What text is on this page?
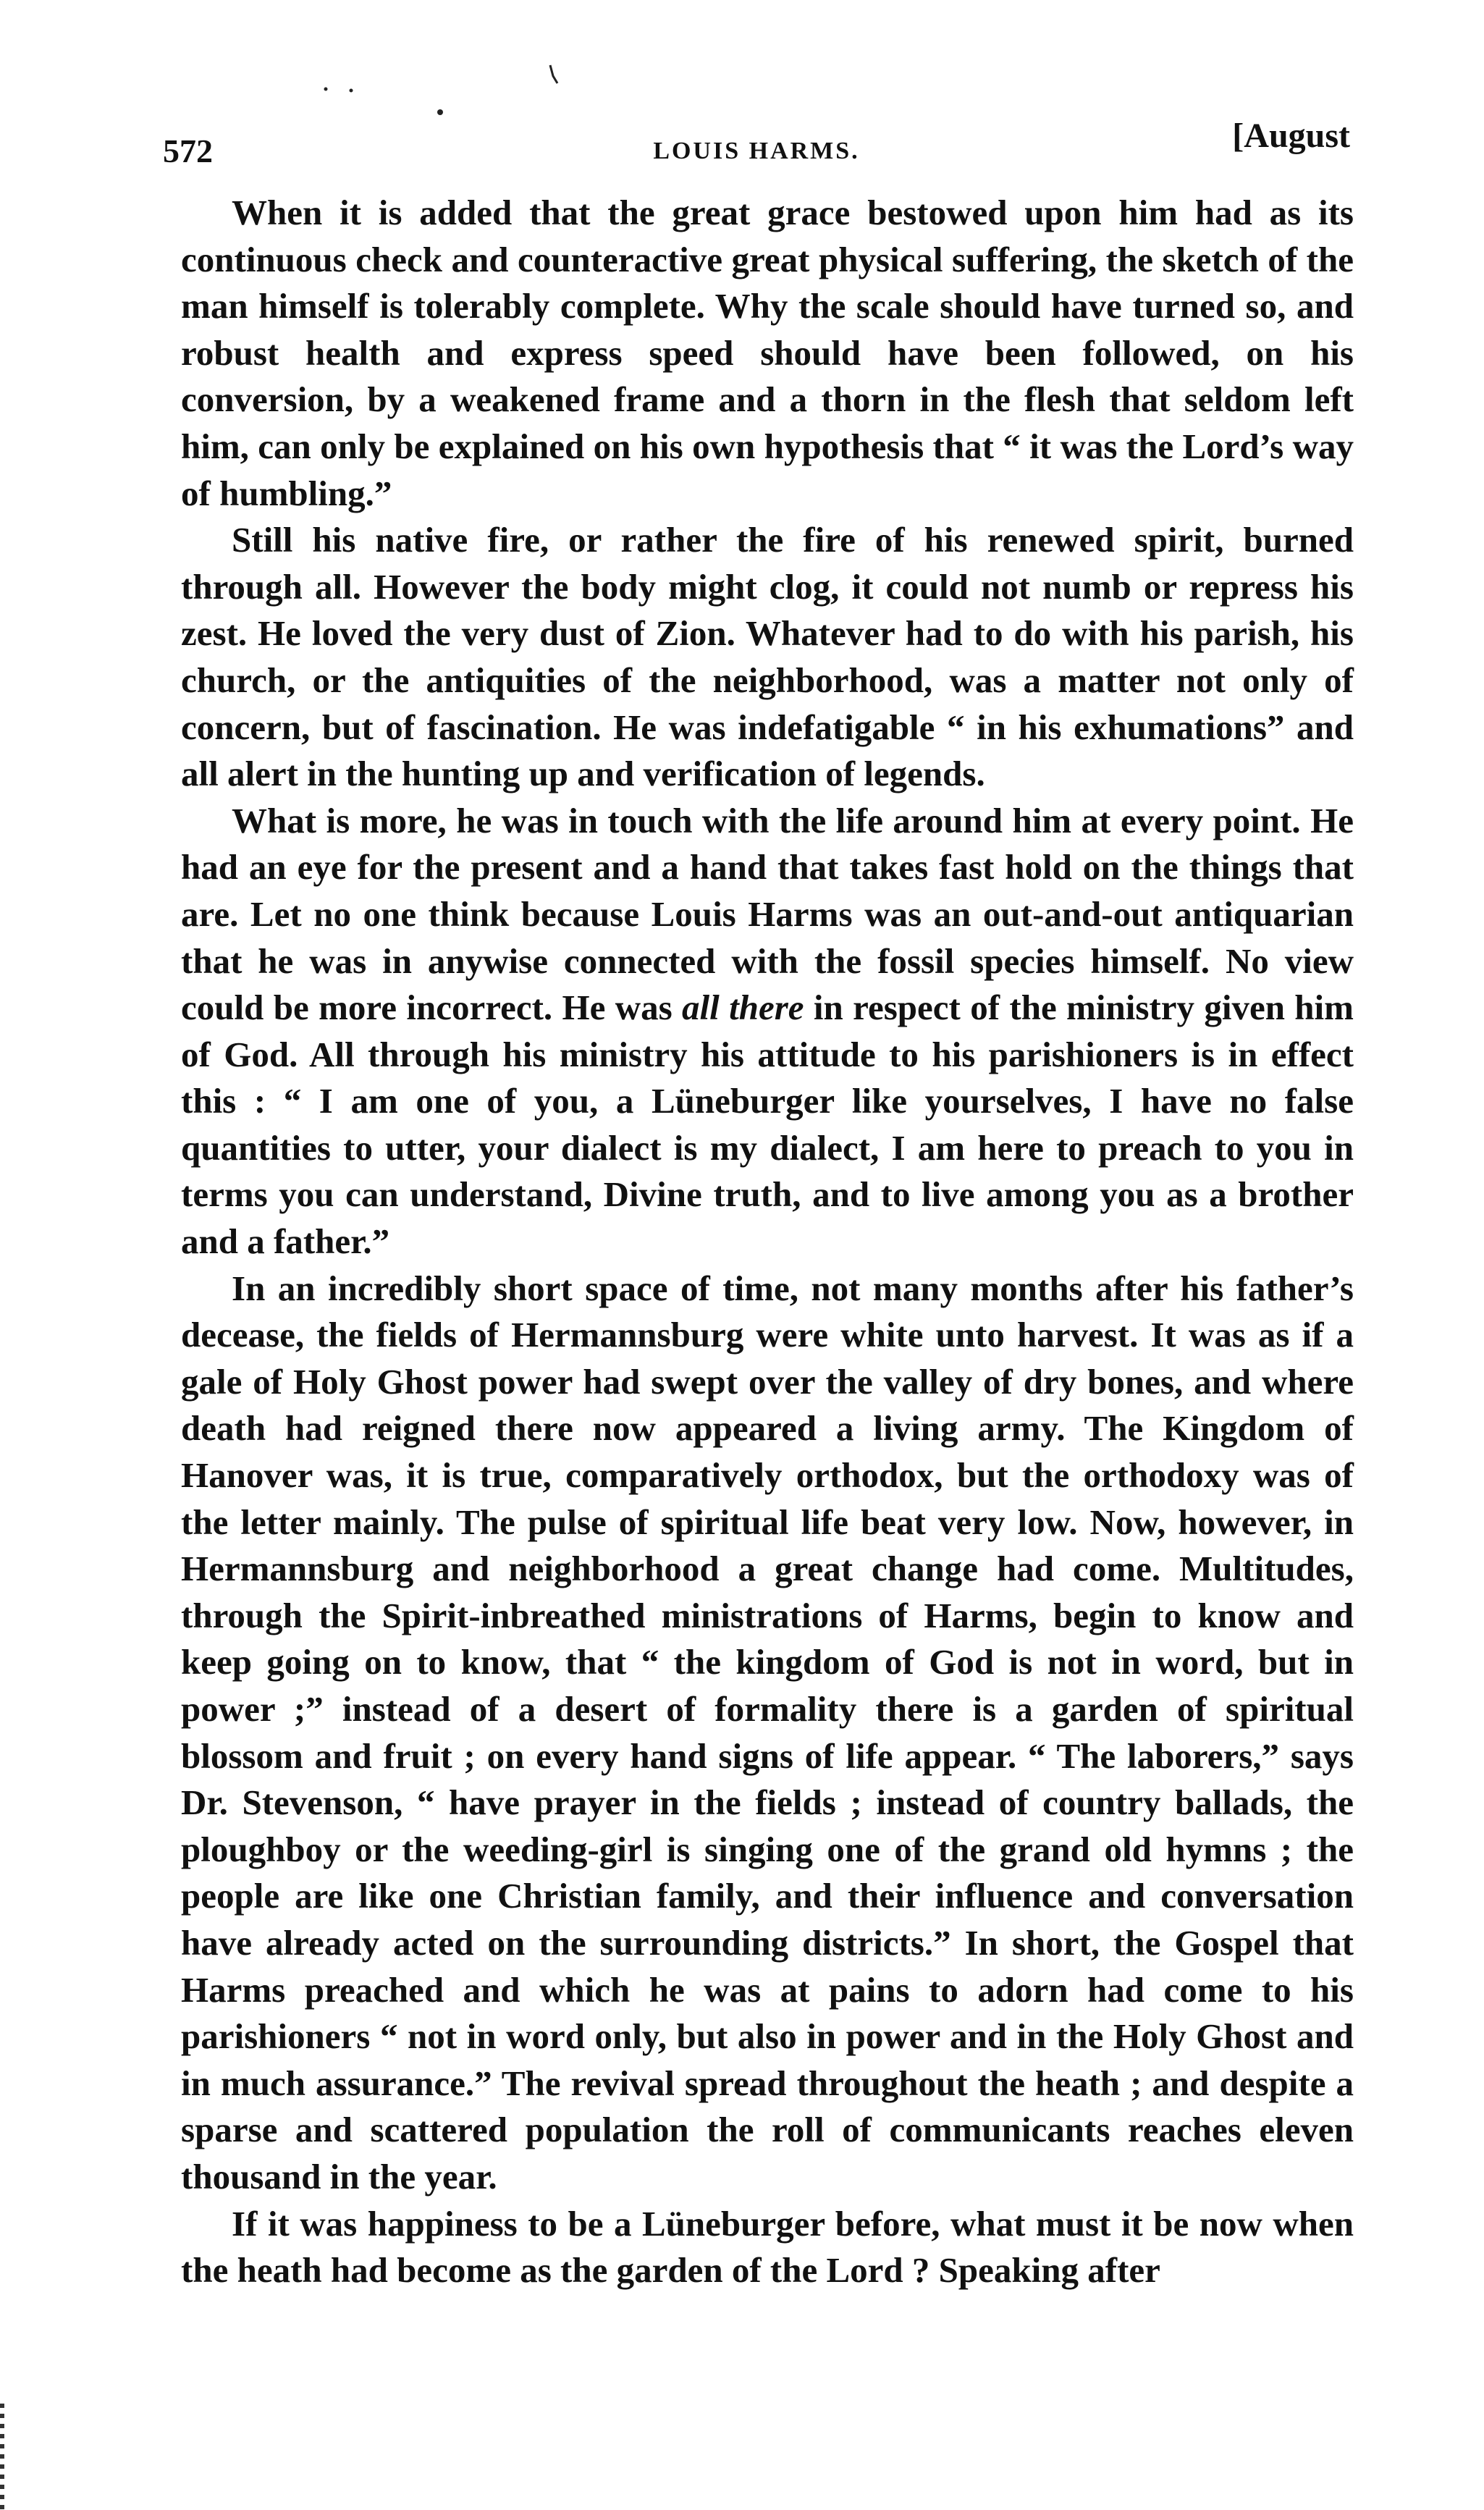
572	LOUIS HARMS.	[August

When it is added that the great grace bestowed upon him had as its continuous check and counteractive great physical suffering, the sketch of the man himself is tolerably complete. Why the scale should have turned so, and robust health and express speed should have been followed, on his conversion, by a weakened frame and a thorn in the flesh that seldom left him, can only be explained on his own hypothesis that “ it was the Lord’s way of humbling.”

Still his native fire, or rather the fire of his renewed spirit, burned through all. However the body might clog, it could not numb or repress his zest. He loved the very dust of Zion. Whatever had to do with his parish, his church, or the antiquities of the neighborhood, was a matter not only of concern, but of fascination. He was indefatigable “ in his exhumations” and all alert in the hunting up and verification of legends.

What is more, he was in touch with the life around him at every point. He had an eye for the present and a hand that takes fast hold on the things that are. Let no one think because Louis Harms was an out-and-out antiquarian that he was in anywise connected with the fossil species himself. No view could be more incorrect. He was all there in respect of the ministry given him of God. All through his ministry his attitude to his parishioners is in effect this : “ I am one of you, a Lüneburger like yourselves, I have no false quantities to utter, your dialect is my dialect, I am here to preach to you in terms you can understand, Divine truth, and to live among you as a brother and a father.”

In an incredibly short space of time, not many months after his father’s decease, the fields of Hermannsburg were white unto harvest. It was as if a gale of Holy Ghost power had swept over the valley of dry bones, and where death had reigned there now appeared a living army. The Kingdom of Hanover was, it is true, comparatively orthodox, but the orthodoxy was of the letter mainly. The pulse of spiritual life beat very low. Now, however, in Hermannsburg and neighborhood a great change had come. Multitudes, through the Spirit-inbreathed ministrations of Harms, begin to know and keep going on to know, that “ the kingdom of God is not in word, but in power ;” instead of a desert of formality there is a garden of spiritual blossom and fruit ; on every hand signs of life appear. “ The laborers,” says Dr. Stevenson, “ have prayer in the fields ; instead of country ballads, the ploughboy or the weeding-girl is singing one of the grand old hymns ; the people are like one Christian family, and their influence and conversation have already acted on the surrounding districts.” In short, the Gospel that Harms preached and which he was at pains to adorn had come to his parishioners “ not in word only, but also in power and in the Holy Ghost and in much assurance.” The revival spread throughout the heath ; and despite a sparse and scattered population the roll of communicants reaches eleven thousand in the year.

If it was happiness to be a Lüneburger before, what must it be now when the heath had become as the garden of the Lord ? Speaking after
